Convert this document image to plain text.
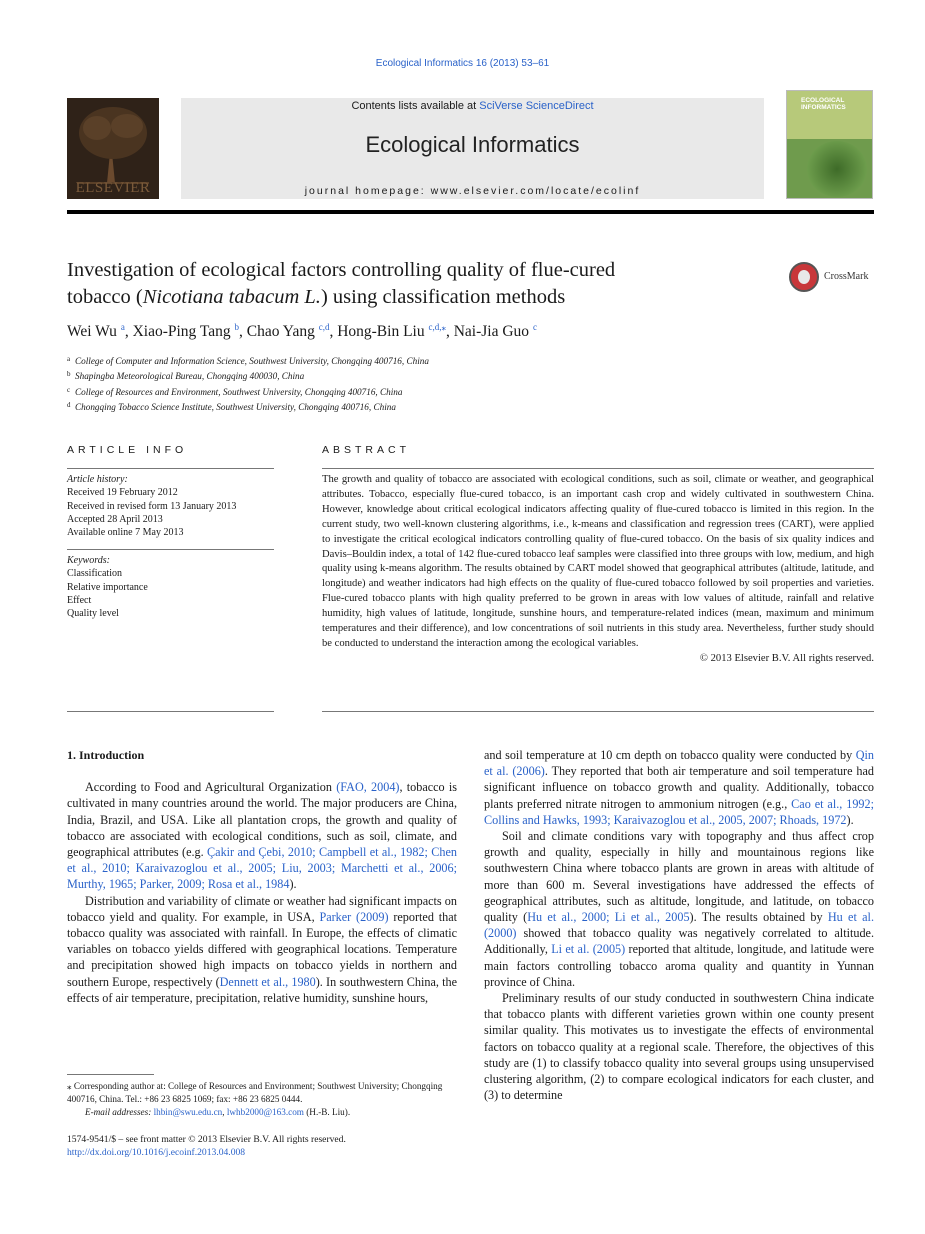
Ecological Informatics 16 (2013) 53–61
ELSEVIER
Contents lists available at SciVerse ScienceDirect
Ecological Informatics
journal homepage: www.elsevier.com/locate/ecolinf
ECOLOGICAL INFORMATICS
Investigation of ecological factors controlling quality of flue-cured
tobacco (Nicotiana tabacum L.) using classification methods
CrossMark
Wei Wu $^a$, Xiao-Ping Tang $^b$, Chao Yang $^{c,d}$, Hong-Bin Liu $^{c,d,⁎}$, Nai-Jia Guo $^c$
a College of Computer and Information Science, Southwest University, Chongqing 400716, China
b Shapingba Meteorological Bureau, Chongqing 400030, China
c College of Resources and Environment, Southwest University, Chongqing 400716, China
d Chongqing Tobacco Science Institute, Southwest University, Chongqing 400716, China
ARTICLE INFO
Article history:
Received 19 February 2012
Received in revised form 13 January 2013
Accepted 28 April 2013
Available online 7 May 2013
Keywords:
Classification
Relative importance
Effect
Quality level
ABSTRACT
The growth and quality of tobacco are associated with ecological conditions, such as soil, climate or weather, and geographical attributes. Tobacco, especially flue-cured tobacco, is an important cash crop and widely cultivated in southwestern China. However, knowledge about critical ecological indicators affecting quality of flue-cured tobacco is limited in this region. In the current study, two well-known clustering algorithms, i.e., k-means and classification and regression trees (CART), were applied to investigate the critical ecological indicators controlling quality of flue-cured tobacco. On the basis of six quality indices and Davis–Bouldin index, a total of 142 flue-cured tobacco leaf samples were classified into three groups with low, medium, and high quality using k-means algorithm. The results obtained by CART model showed that geographical attributes (altitude, latitude, and longitude) and weather indicators had high effects on the quality of flue-cured tobacco followed by soil properties and varieties. Flue-cured tobacco plants with high quality preferred to be grown in areas with low values of altitude, rainfall and relative humidity, high values of latitude, longitude, sunshine hours, and temperature-related indices (mean, maximum and minimum temperatures and their difference), and low concentrations of soil nutrients in this study area. Nevertheless, further study should be conducted to understand the interaction among the ecological variables.
© 2013 Elsevier B.V. All rights reserved.
1. Introduction

According to Food and Agricultural Organization (FAO, 2004), tobacco is cultivated in many countries around the world. The major producers are China, India, Brazil, and USA. Like all plantation crops, the growth and quality of tobacco are associated with ecological conditions, such as soil, climate, and geographical attributes (e.g. Çakir and Çebi, 2010; Campbell et al., 1982; Chen et al., 2010; Karaivazoglou et al., 2005; Liu, 2003; Marchetti et al., 2006; Murthy, 1965; Parker, 2009; Rosa et al., 1984).

Distribution and variability of climate or weather had significant impacts on tobacco yield and quality. For example, in USA, Parker (2009) reported that tobacco quality was associated with rainfall. In Europe, the effects of climatic variables on tobacco yields differed with geographical locations. Temperature and precipitation showed high impacts on tobacco yields in northern and southern Europe, respectively (Dennett et al., 1980). In southwestern China, the effects of air temperature, precipitation, relative humidity, sunshine hours,

and soil temperature at 10 cm depth on tobacco quality were conducted by Qin et al. (2006). They reported that both air temperature and soil temperature had significant influence on tobacco growth and quality. Additionally, tobacco plants preferred nitrate nitrogen to ammonium nitrogen (e.g., Cao et al., 1992; Collins and Hawks, 1993; Karaivazoglou et al., 2005, 2007; Rhoads, 1972).

Soil and climate conditions vary with topography and thus affect crop growth and quality, especially in hilly and mountainous regions like southwestern China where tobacco plants are grown in areas with altitude of more than 600 m. Several investigations have addressed the effects of geographical attributes, such as altitude, longitude, and latitude, on tobacco quality (Hu et al., 2000; Li et al., 2005). The results obtained by Hu et al. (2000) showed that tobacco quality was negatively correlated to altitude. Additionally, Li et al. (2005) reported that altitude, longitude, and latitude were main factors controlling tobacco aroma quality and quantity in Yunnan province of China.

Preliminary results of our study conducted in southwestern China indicate that tobacco plants with different varieties grown within one county present similar quality. This motivates us to investigate the effects of environmental factors on tobacco quality at a regional scale. Therefore, the objectives of this study are (1) to classify tobacco quality into several groups using unsupervised clustering algorithm, (2) to compare ecological indicators for each cluster, and (3) to determine

⁎ Corresponding author at: College of Resources and Environment; Southwest University; Chongqing 400716, China. Tel.: +86 23 6825 1069; fax: +86 23 6825 0444.
E-mail addresses: lhbin@swu.edu.cn, lwhb2000@163.com (H.-B. Liu).
1574-9541/$ – see front matter © 2013 Elsevier B.V. All rights reserved.
http://dx.doi.org/10.1016/j.ecoinf.2013.04.008
